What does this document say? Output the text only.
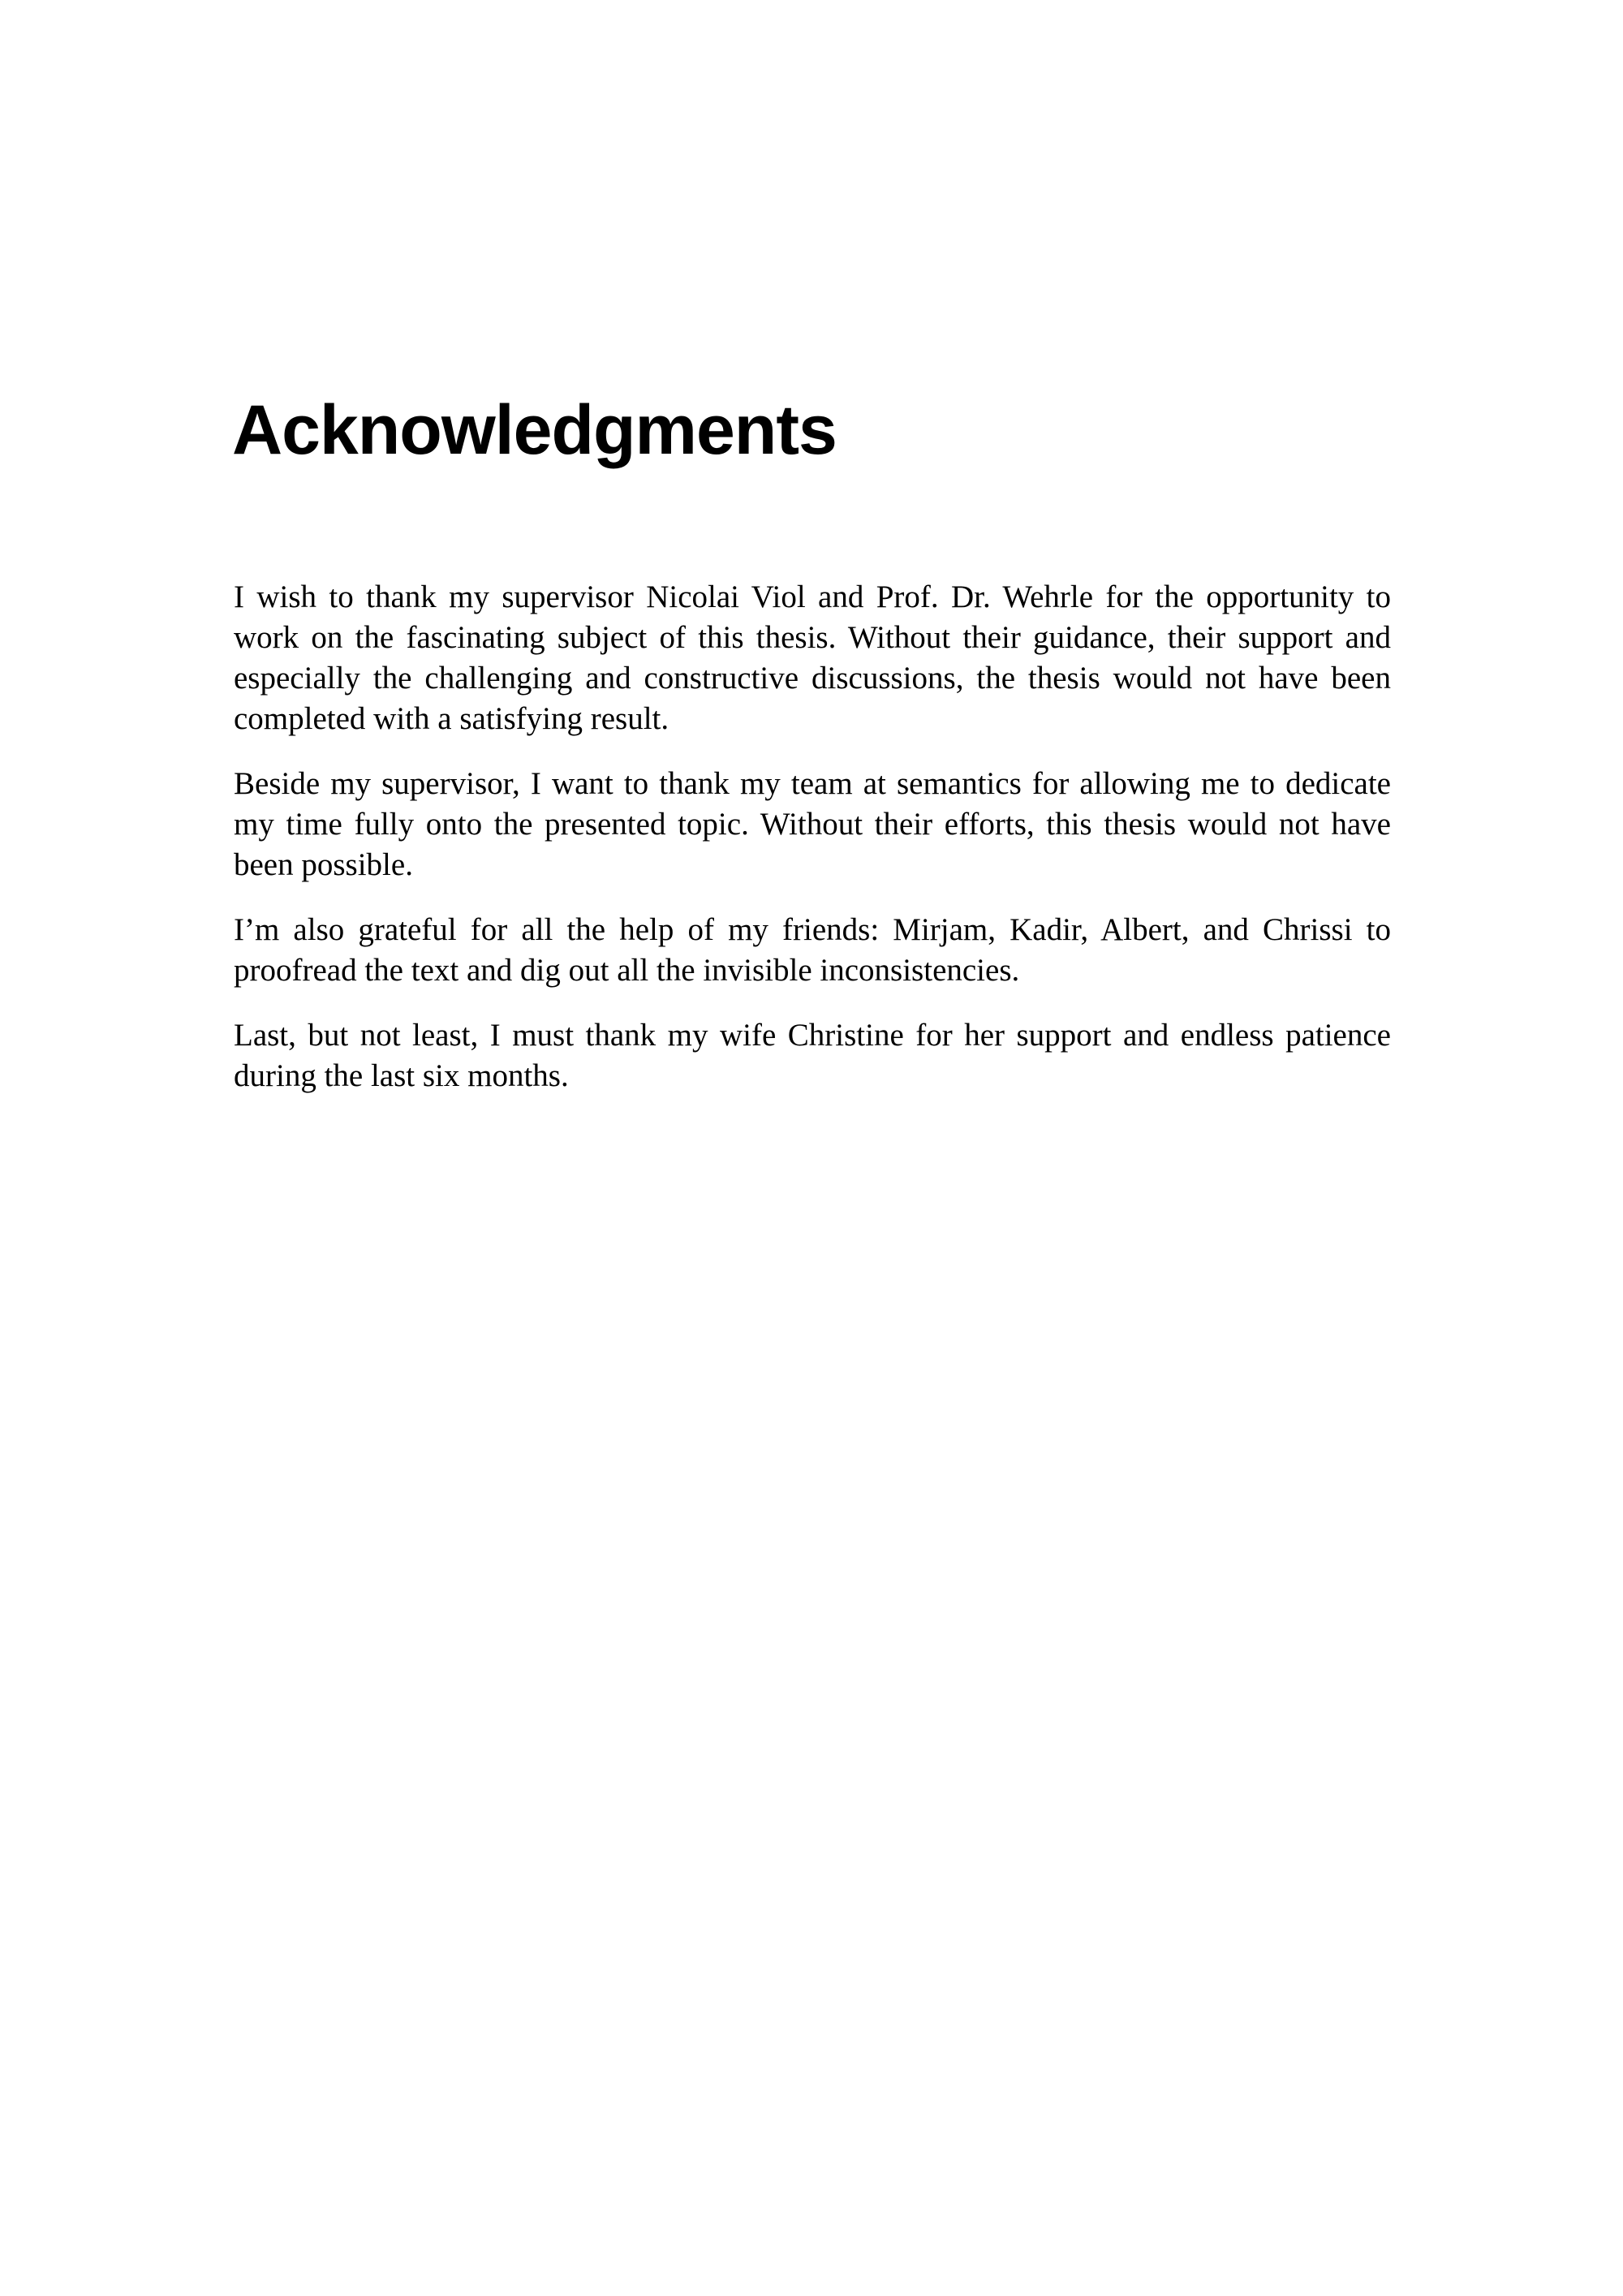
Acknowledgments

I wish to thank my supervisor Nicolai Viol and Prof. Dr. Wehrle for the opportunity to work on the fascinating subject of this thesis. Without their guidance, their support and especially the challenging and constructive discussions, the thesis would not have been completed with a satisfying result.

Beside my supervisor, I want to thank my team at semantics for allowing me to dedicate my time fully onto the presented topic. Without their efforts, this thesis would not have been possible.

I’m also grateful for all the help of my friends: Mirjam, Kadir, Albert, and Chrissi to proofread the text and dig out all the invisible inconsistencies.

Last, but not least, I must thank my wife Christine for her support and endless patience during the last six months.
